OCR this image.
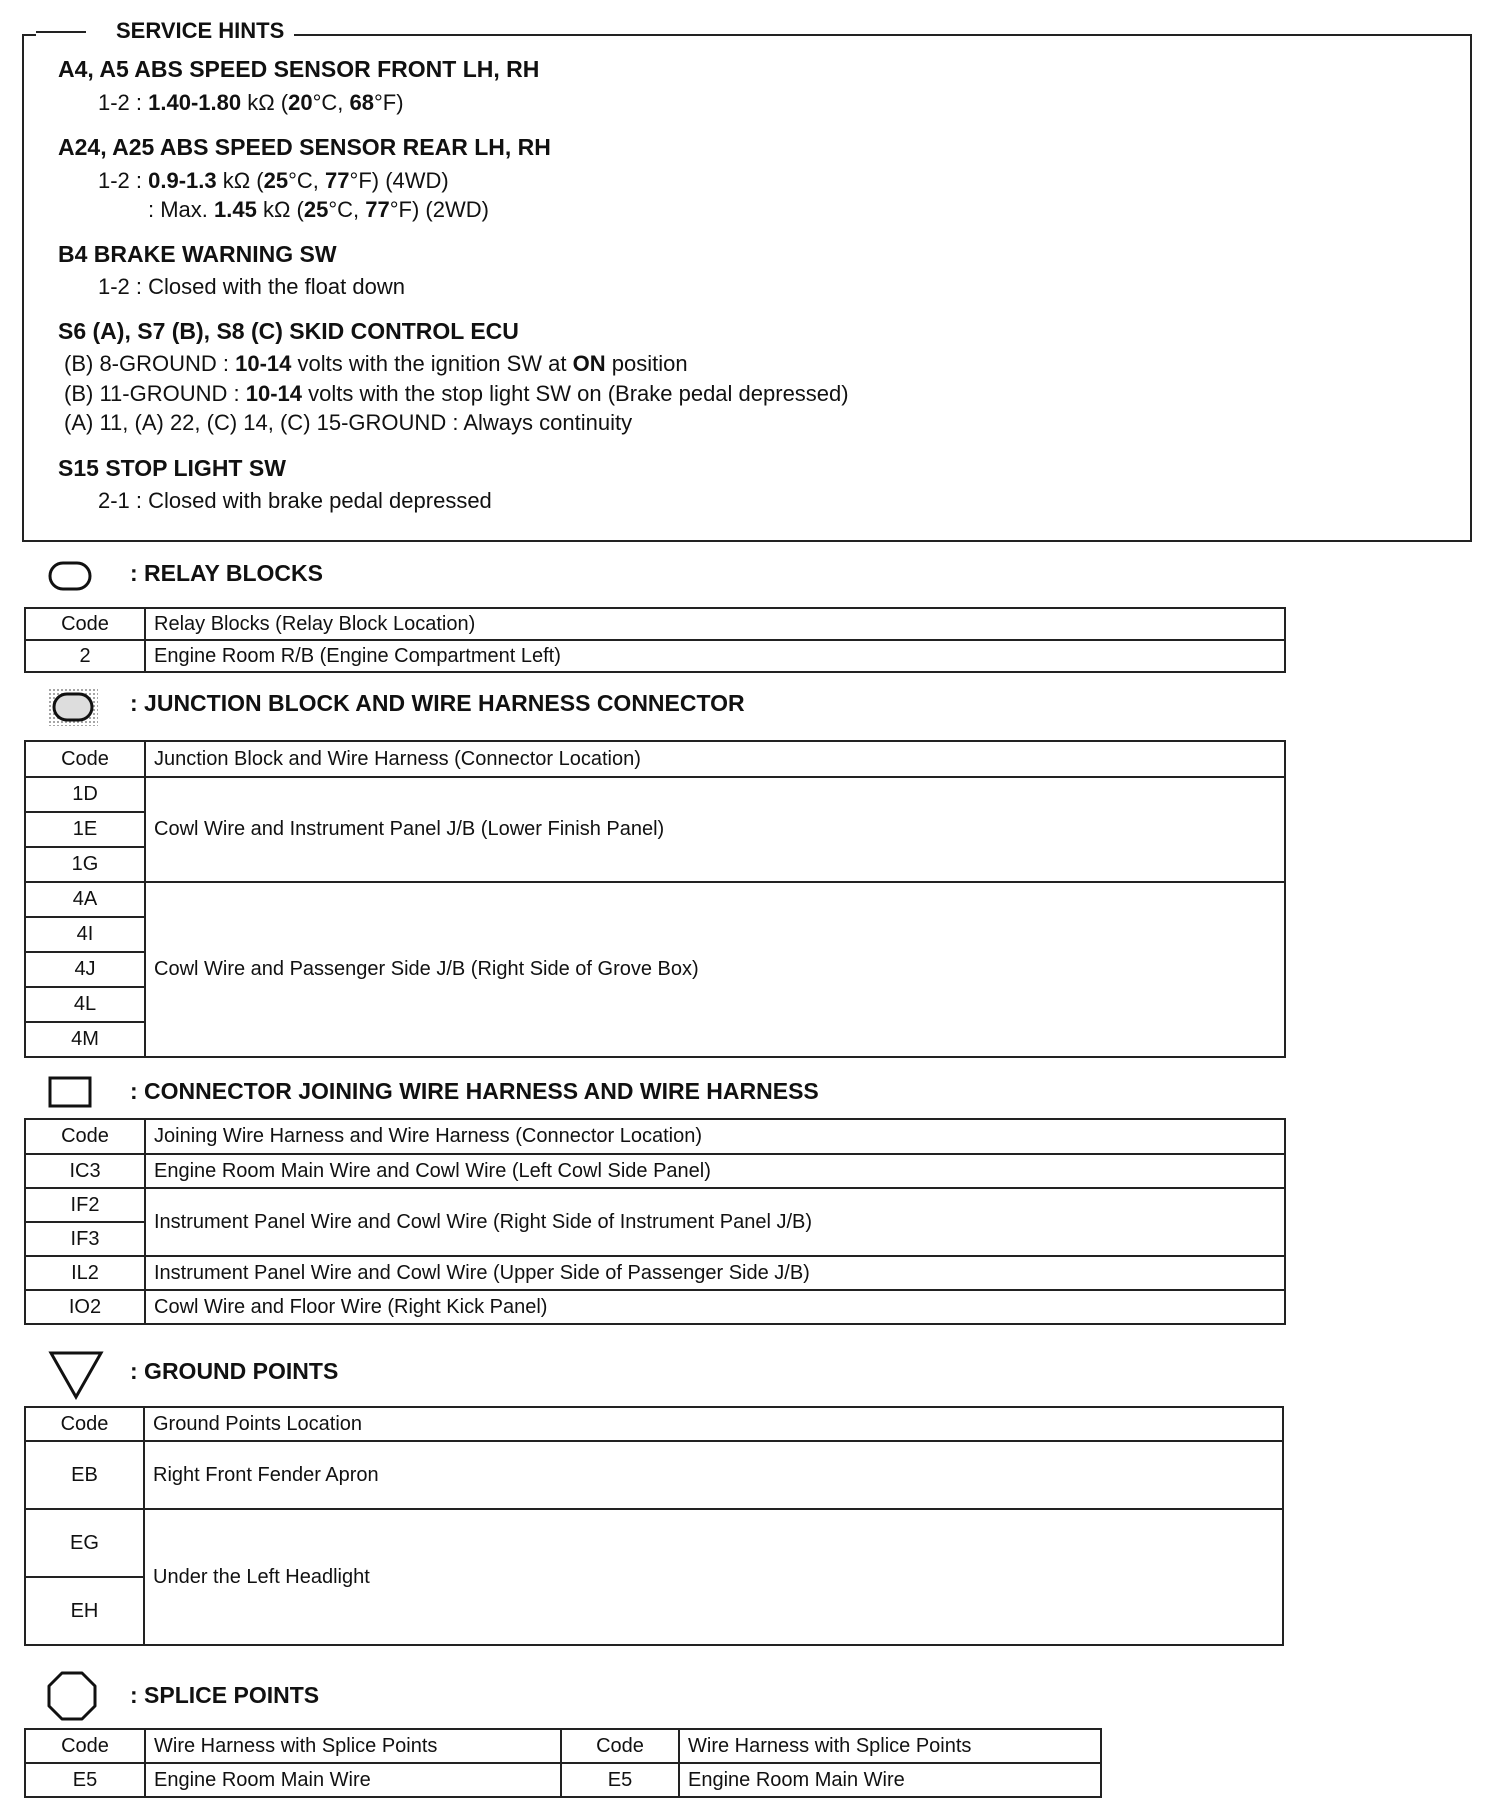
SERVICE HINTS
A4, A5 ABS SPEED SENSOR FRONT LH, RH
1-2 : 1.40-1.80 kΩ (20°C, 68°F)
A24, A25 ABS SPEED SENSOR REAR LH, RH
1-2 : 0.9-1.3 kΩ (25°C, 77°F) (4WD)
: Max. 1.45 kΩ (25°C, 77°F) (2WD)
B4 BRAKE WARNING SW
1-2 : Closed with the float down
S6 (A), S7 (B), S8 (C) SKID CONTROL ECU
(B) 8-GROUND : 10-14 volts with the ignition SW at ON position
(B) 11-GROUND : 10-14 volts with the stop light SW on (Brake pedal depressed)
(A) 11, (A) 22, (C) 14, (C) 15-GROUND : Always continuity
S15 STOP LIGHT SW
2-1 : Closed with brake pedal depressed
: RELAY BLOCKS
Code	Relay Blocks (Relay Block Location)
2	Engine Room R/B (Engine Compartment Left)
: JUNCTION BLOCK AND WIRE HARNESS CONNECTOR
Code	Junction Block and Wire Harness (Connector Location)
1D	Cowl Wire and Instrument Panel J/B (Lower Finish Panel)
1E	
1G	
4A	Cowl Wire and Passenger Side J/B (Right Side of Grove Box)
4I	
4J	
4L	
4M	
: CONNECTOR JOINING WIRE HARNESS AND WIRE HARNESS
Code	Joining Wire Harness and Wire Harness (Connector Location)
IC3	Engine Room Main Wire and Cowl Wire (Left Cowl Side Panel)
IF2	Instrument Panel Wire and Cowl Wire (Right Side of Instrument Panel J/B)
IF3	
IL2	Instrument Panel Wire and Cowl Wire (Upper Side of Passenger Side J/B)
IO2	Cowl Wire and Floor Wire (Right Kick Panel)
: GROUND POINTS
Code	Ground Points Location
EB	Right Front Fender Apron
EG	Under the Left Headlight
EH	
: SPLICE POINTS
Code	Wire Harness with Splice Points	Code	Wire Harness with Splice Points
E5	Engine Room Main Wire	E5	Engine Room Main Wire
